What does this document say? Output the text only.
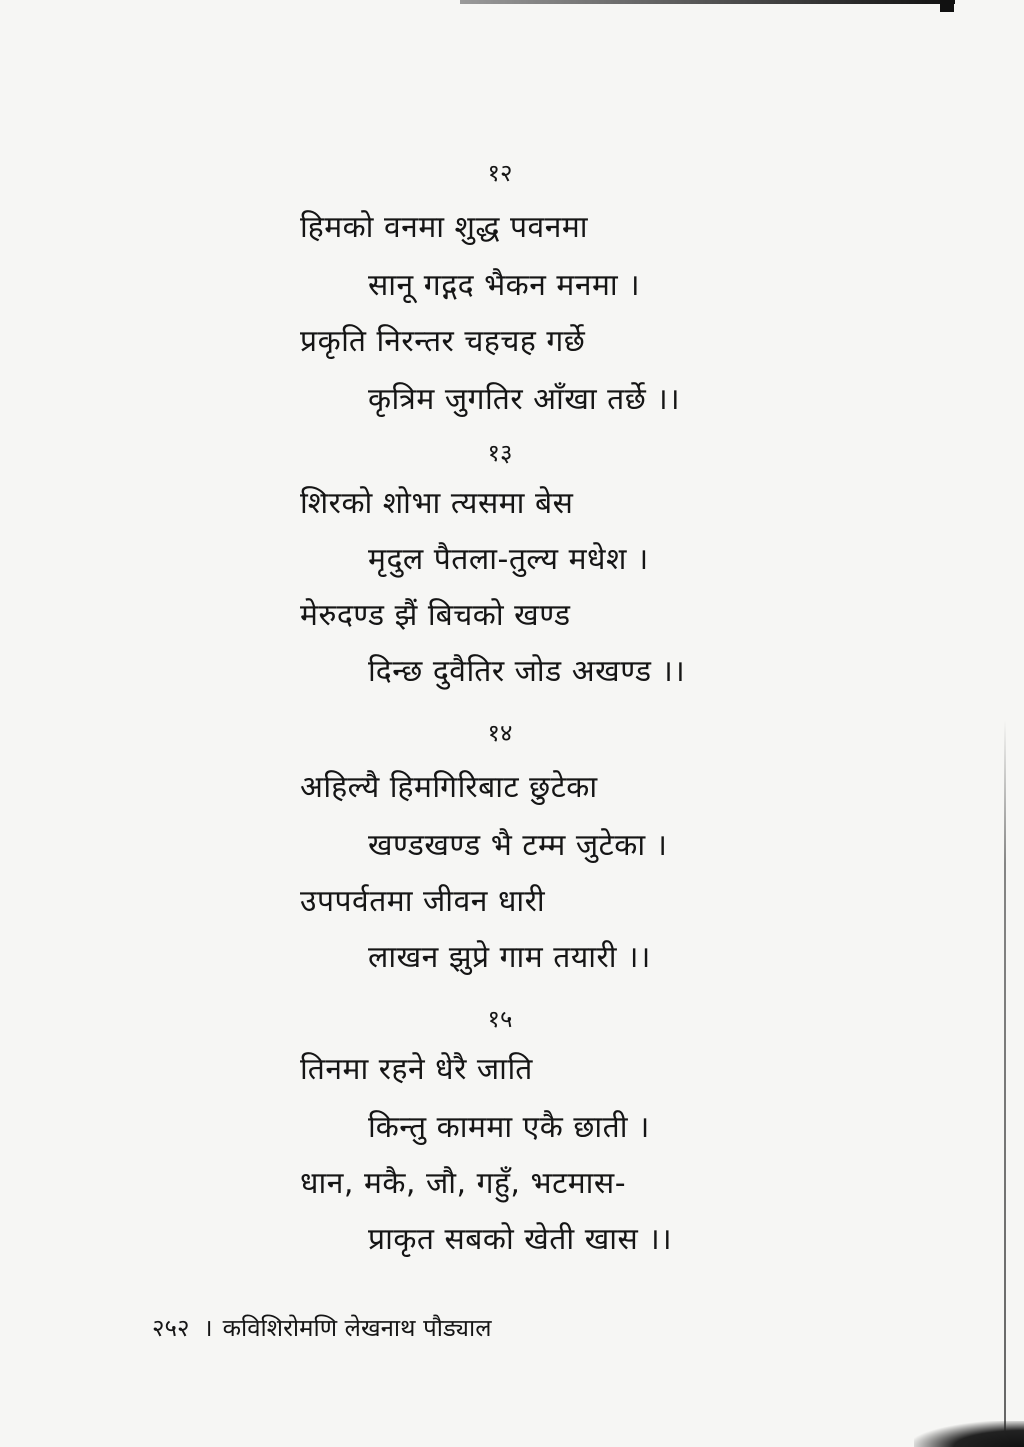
१२
हिमको वनमा शुद्ध पवनमा
सानू गद्गद भैकन मनमा ।
प्रकृति निरन्तर चहचह गर्छे
कृत्रिम जुगतिर आँखा तर्छे ।।
१३
शिरको शोभा त्यसमा बेस
मृदुल पैतला-तुल्य मधेश ।
मेरुदण्ड झैं बिचको खण्ड
दिन्छ दुवैतिर जोड अखण्ड ।।
१४
अहिल्यै हिमगिरिबाट छुटेका
खण्डखण्ड भै टम्म जुटेका ।
उपपर्वतमा जीवन धारी
लाखन झुप्रे गाम तयारी ।।
१५
तिनमा रहने धेरै जाति
किन्तु काममा एकै छाती ।
धान, मकै, जौ, गहुँ, भटमास-
प्राकृत सबको खेती खास ।।
२५२ । कविशिरोमणि लेखनाथ पौड्याल
